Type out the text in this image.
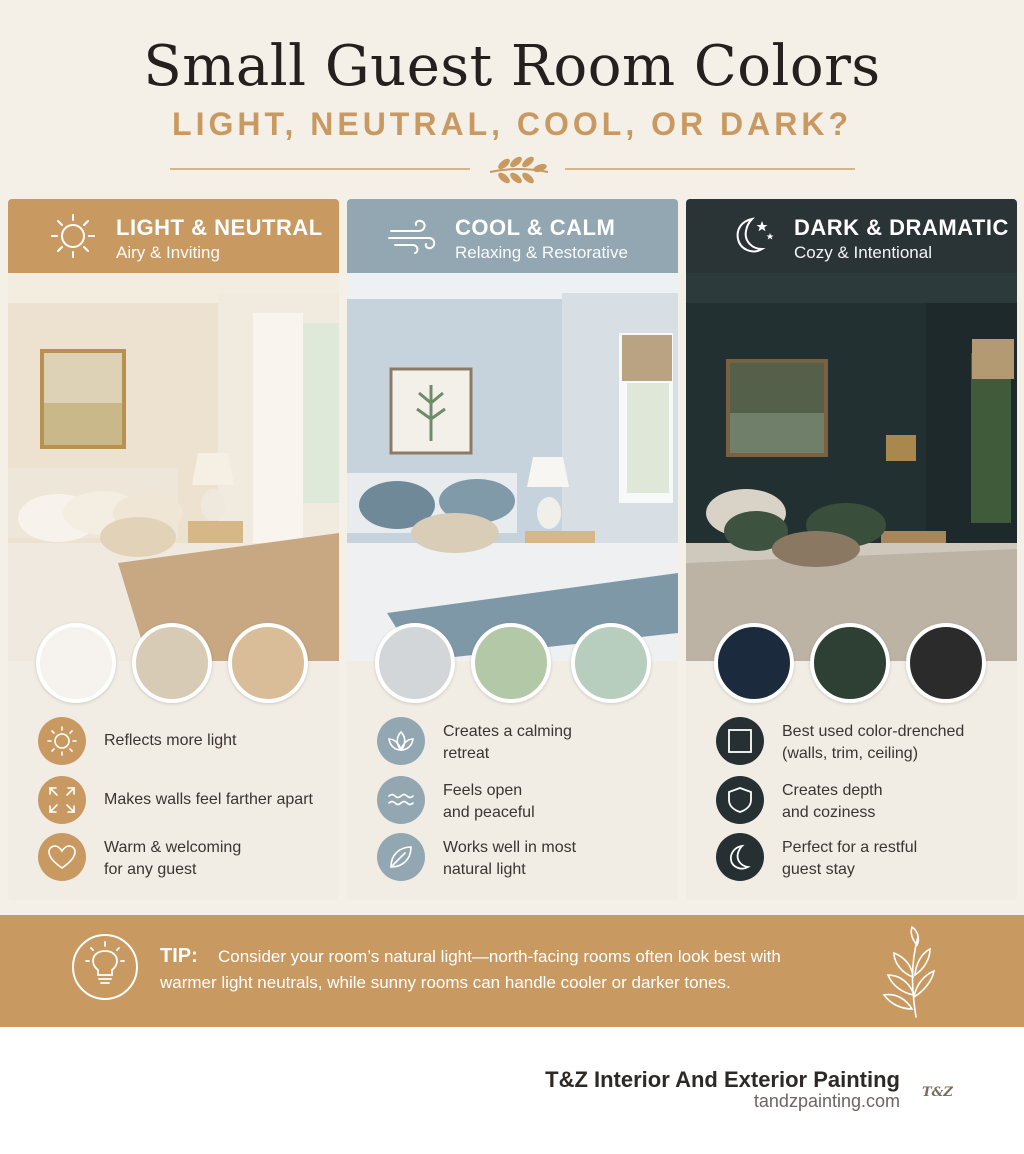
Small Guest Room Colors
LIGHT, NEUTRAL, COOL, OR DARK?
LIGHT & NEUTRAL
Airy & Inviting
Reflects more light
Makes walls feel farther apart
Warm & welcoming
for any guest
COOL & CALM
Relaxing & Restorative
Creates a calming
retreat
Feels open
and peaceful
Works well in most
natural light
DARK & DRAMATIC
Cozy & Intentional
Best used color-drenched
(walls, trim, ceiling)
Creates depth
and coziness
Perfect for a restful
guest stay
TIP: Consider your room’s natural light—north-facing rooms often look best with
warmer light neutrals, while sunny rooms can handle cooler or darker tones.
T&Z Interior And Exterior Painting
tandzpainting.com T&Z
